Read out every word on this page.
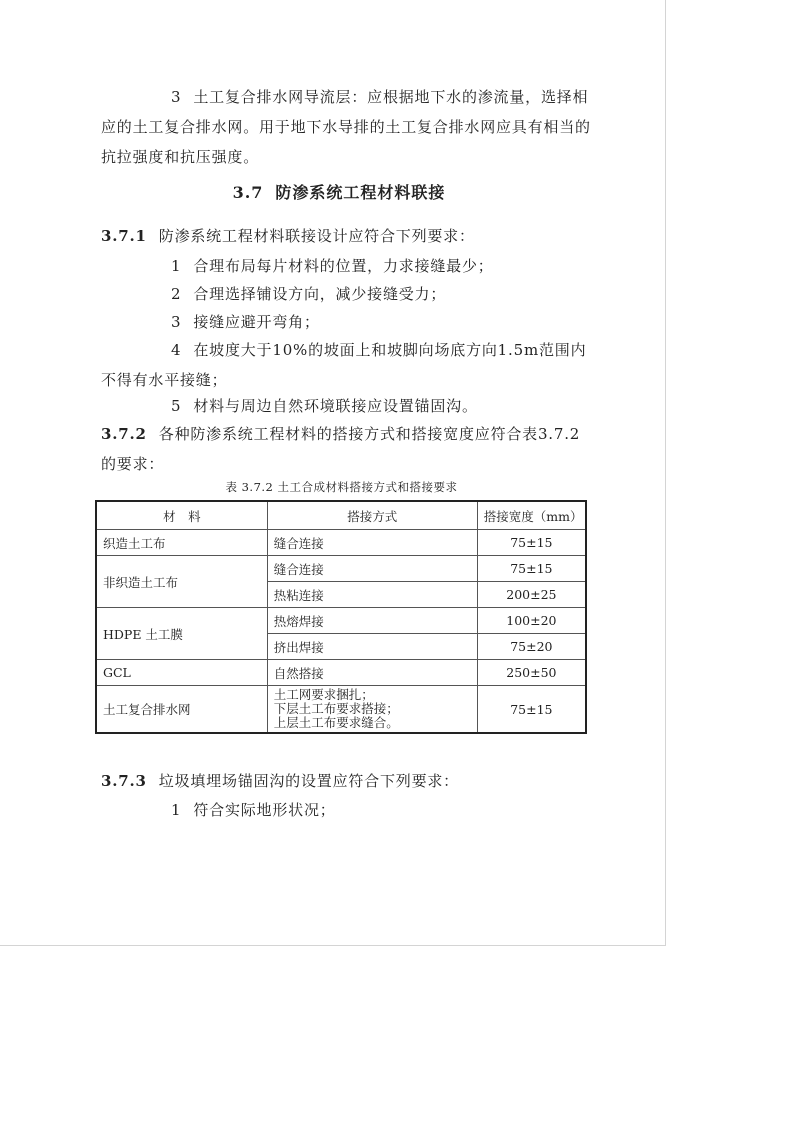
3 土工复合排水网导流层：应根据地下水的渗流量，选择相应的土工复合排水网。用于地下水导排的土工复合排水网应具有相当的抗拉强度和抗压强度。

3.7 防渗系统工程材料联接

3.7.1 防渗系统工程材料联接设计应符合下列要求：

1 合理布局每片材料的位置，力求接缝最少；

2 合理选择铺设方向，减少接缝受力；

3 接缝应避开弯角；

4 在坡度大于10%的坡面上和坡脚向场底方向1.5m范围内不得有水平接缝；

5 材料与周边自然环境联接应设置锚固沟。

3.7.2 各种防渗系统工程材料的搭接方式和搭接宽度应符合表3.7.2的要求：

表 3.7.2 土工合成材料搭接方式和搭接要求
材　料	搭接方式	搭接宽度（mm）
织造土工布	缝合连接	75±15
非织造土工布	缝合连接	75±15
	热粘连接	200±25
HDPE 土工膜	热熔焊接	100±20
	挤出焊接	75±20
GCL	自然搭接	250±50
土工复合排水网	土工网要求捆扎；
下层土工布要求搭接；
上层土工布要求缝合。	75±15

3.7.3 垃圾填埋场锚固沟的设置应符合下列要求：

1 符合实际地形状况；
